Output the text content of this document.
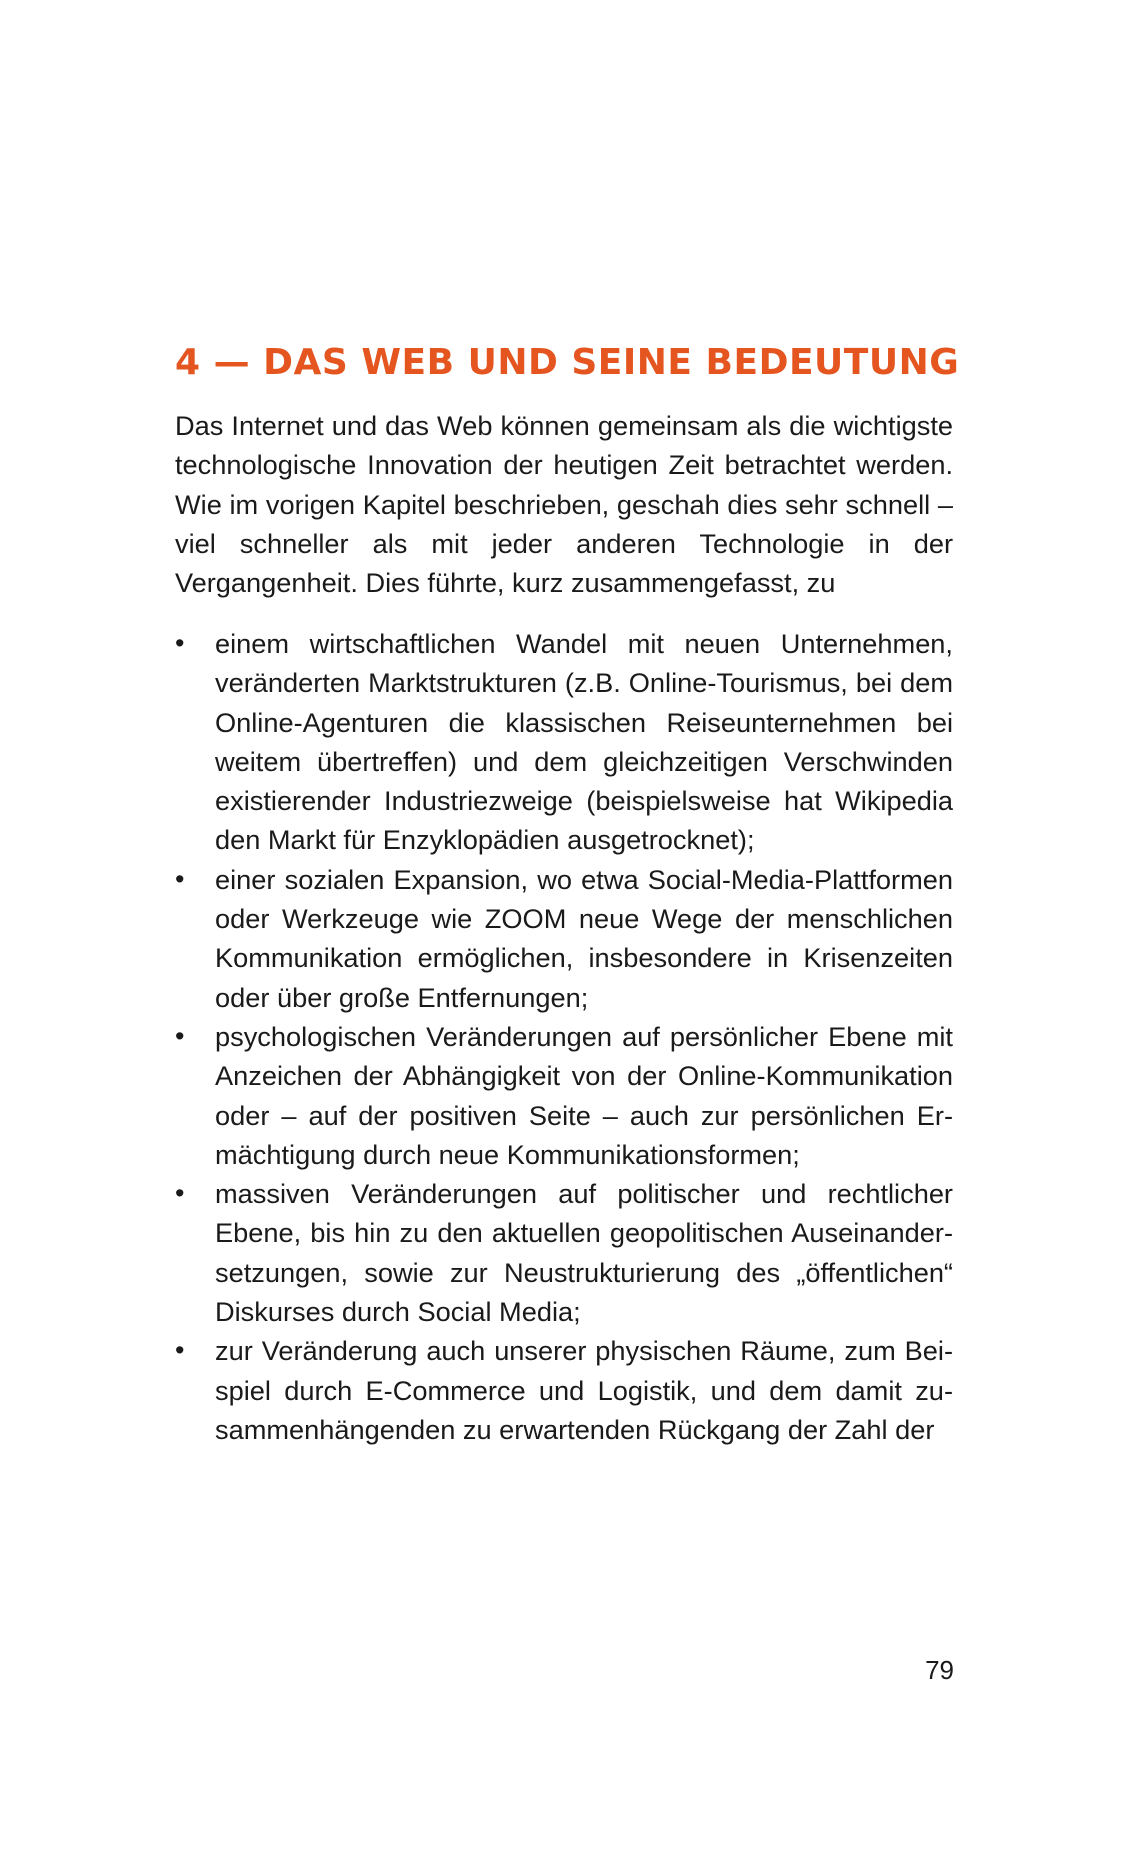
4 — DAS WEB UND SEINE BEDEUTUNG

Das Internet und das Web können gemeinsam als die wichtigste technologische Innovation der heutigen Zeit betrachtet werden. Wie im vorigen Kapitel beschrieben, geschah dies sehr schnell – viel schneller als mit jeder anderen Technologie in der Vergangenheit. Dies führte, kurz zusammengefasst, zu

•	einem wirtschaftlichen Wandel mit neuen Unternehmen, veränderten Marktstrukturen (z.B. Online-Tourismus, bei dem Online-Agenturen die klassischen Reiseunternehmen bei weitem übertreffen) und dem gleichzeitigen Verschwinden existierender Industriezweige (beispielsweise hat Wikipedia den Markt für Enzyklopädien ausgetrocknet);
•	einer sozialen Expansion, wo etwa Social-Media-Plattformen oder Werkzeuge wie ZOOM neue Wege der menschlichen Kommunikation ermöglichen, insbesondere in Krisenzeiten oder über große Entfernungen;
•	psychologischen Veränderungen auf persönlicher Ebene mit Anzeichen der Abhängigkeit von der Online-Kommunikation oder – auf der positiven Seite – auch zur persönlichen Ermächtigung durch neue Kommunikationsformen;
•	massiven Veränderungen auf politischer und rechtlicher Ebene, bis hin zu den aktuellen geopolitischen Auseinandersetzungen, sowie zur Neustrukturierung des „öffentlichen“ Diskurses durch Social Media;
•	zur Veränderung auch unserer physischen Räume, zum Beispiel durch E-Commerce und Logistik, und dem damit zusammenhängenden zu erwartenden Rückgang der Zahl der
79
